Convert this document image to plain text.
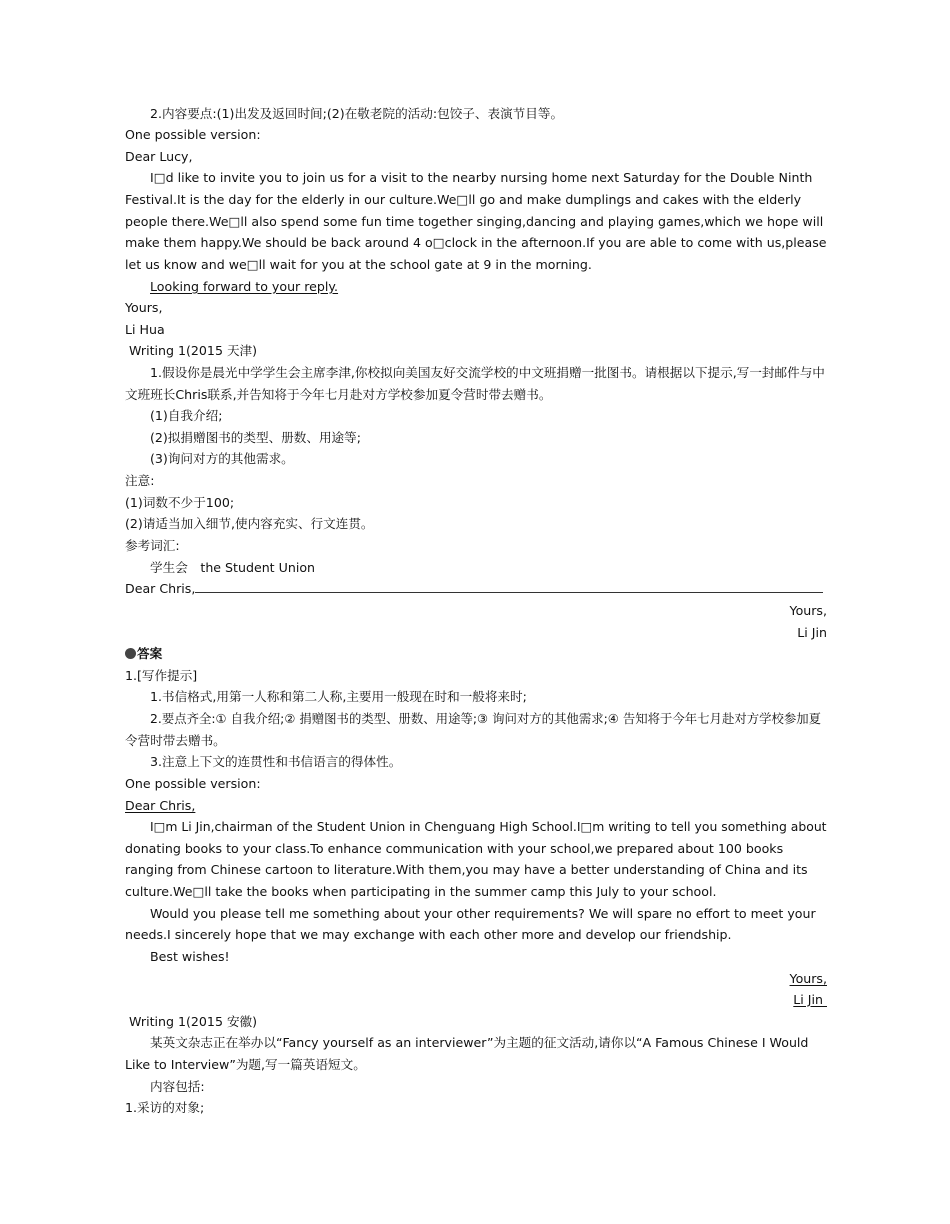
2.内容要点:(1)出发及返回时间;(2)在敬老院的活动:包饺子、表演节目等。
One possible version:
Dear Lucy,
I□d like to invite you to join us for a visit to the nearby nursing home next Saturday for the Double Ninth
Festival.It is the day for the elderly in our culture.We□ll go and make dumplings and cakes with the elderly
people there.We□ll also spend some fun time together singing,dancing and playing games,which we hope will
make them happy.We should be back around 4 o□clock in the afternoon.If you are able to come with us,please
let us know and we□ll wait for you at the school gate at 9 in the morning.
Looking forward to your reply.
Yours,
Li Hua
Writing 1(2015 天津)
1.假设你是晨光中学学生会主席李津,你校拟向美国友好交流学校的中文班捐赠一批图书。请根据以下提示,写一封邮件与中
文班班长Chris联系,并告知将于今年七月赴对方学校参加夏令营时带去赠书。
(1)自我介绍;
(2)拟捐赠图书的类型、册数、用途等;
(3)询问对方的其他需求。
注意:
(1)词数不少于100;
(2)请适当加入细节,使内容充实、行文连贯。
参考词汇:
学生会　the Student Union
Dear Chris,
Yours,
Li Jin
答案
1.[写作提示]
1.书信格式,用第一人称和第二人称,主要用一般现在时和一般将来时;
2.要点齐全:① 自我介绍;② 捐赠图书的类型、册数、用途等;③ 询问对方的其他需求;④ 告知将于今年七月赴对方学校参加夏
令营时带去赠书。
3.注意上下文的连贯性和书信语言的得体性。
One possible version:
Dear Chris,
I□m Li Jin,chairman of the Student Union in Chenguang High School.I□m writing to tell you something about
donating books to your class.To enhance communication with your school,we prepared about 100 books
ranging from Chinese cartoon to literature.With them,you may have a better understanding of China and its
culture.We□ll take the books when participating in the summer camp this July to your school.
Would you please tell me something about your other requirements? We will spare no effort to meet your
needs.I sincerely hope that we may exchange with each other more and develop our friendship.
Best wishes!
Yours,
Li Jin
Writing 1(2015 安徽)
某英文杂志正在举办以“Fancy yourself as an interviewer”为主题的征文活动,请你以“A Famous Chinese I Would
Like to Interview”为题,写一篇英语短文。
内容包括:
1.采访的对象;
